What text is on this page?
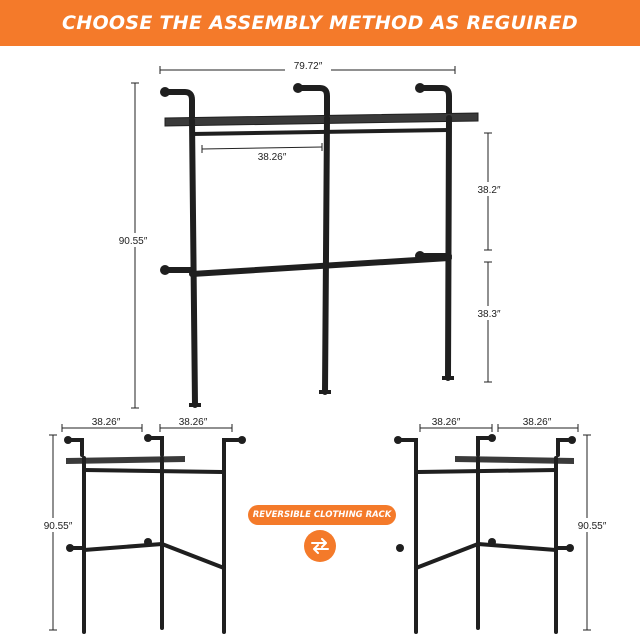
CHOOSE THE ASSEMBLY METHOD AS REGUIRED
79.72″
38.26″
90.55″
38.2″
38.3″
38.26″	38.26″
90.55″
38.26″	38.26″
90.55″
REVERSIBLE CLOTHING RACK
